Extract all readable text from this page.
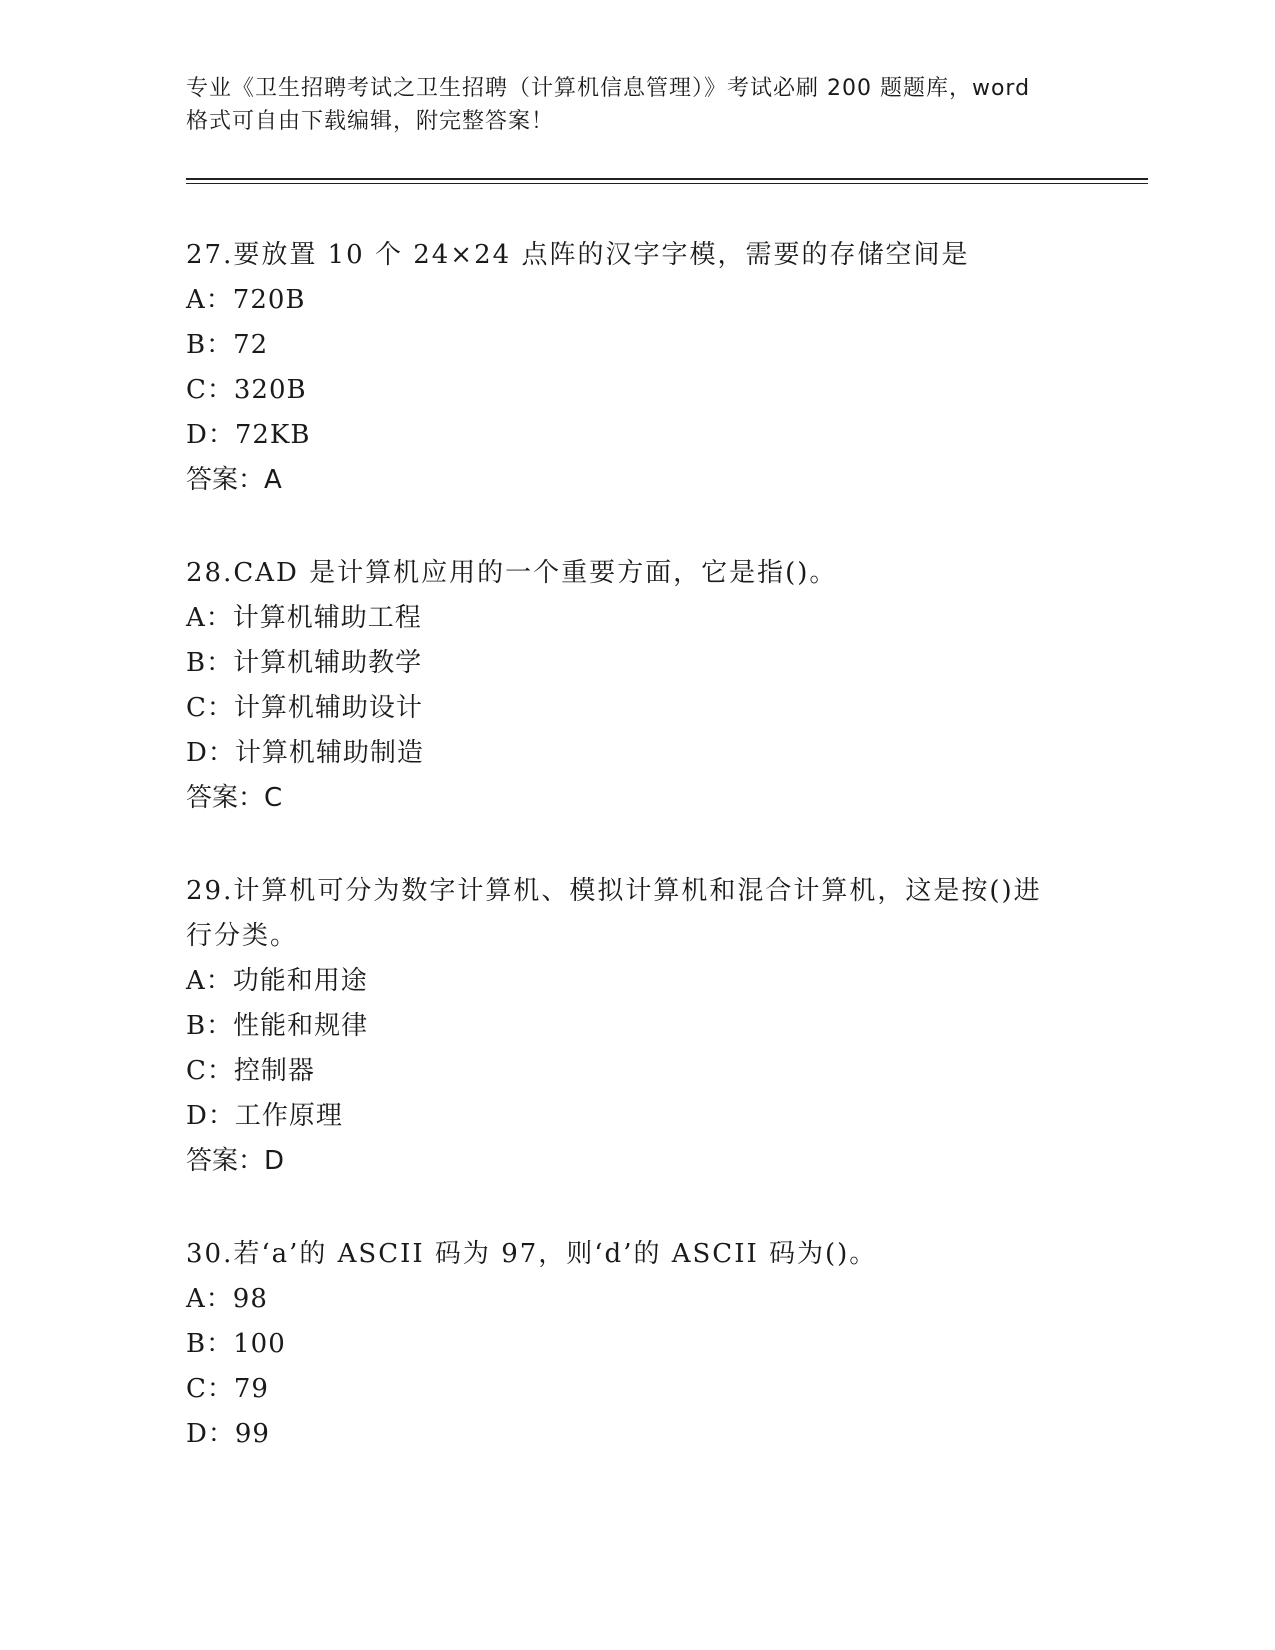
专业《卫生招聘考试之卫生招聘（计算机信息管理）》考试必刷 200 题题库，word
格式可自由下载编辑，附完整答案！

27.要放置 10 个 24×24 点阵的汉字字模，需要的存储空间是

A：720B

B：72

C：320B

D：72KB

答案：A

28.CAD 是计算机应用的一个重要方面，它是指()。

A：计算机辅助工程

B：计算机辅助教学

C：计算机辅助设计

D：计算机辅助制造

答案：C

29.计算机可分为数字计算机、模拟计算机和混合计算机，这是按()进

行分类。

A：功能和用途

B：性能和规律

C：控制器

D：工作原理

答案：D

30.若‘a’的 ASCII 码为 97，则‘d’的 ASCII 码为()。

A：98

B：100

C：79

D：99
